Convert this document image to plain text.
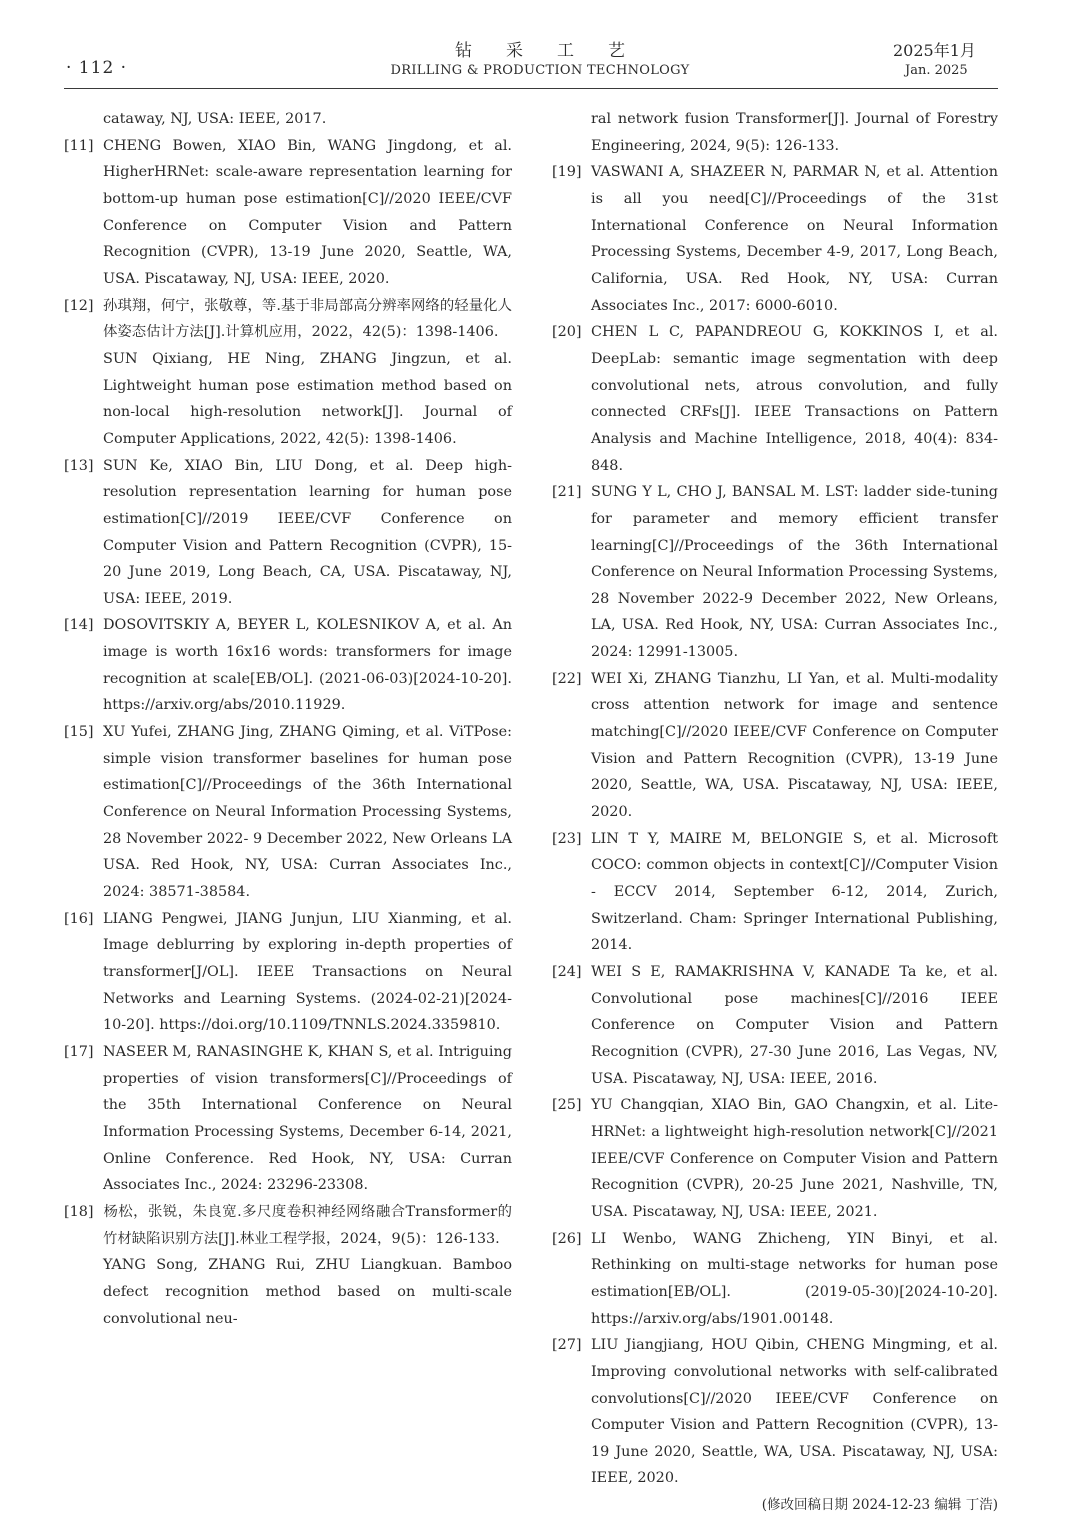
· 112 ·
钻采工艺
DRILLING & PRODUCTION TECHNOLOGY
2025年1月
Jan. 2025
cataway, NJ, USA: IEEE, 2017.
[11] CHENG Bowen, XIAO Bin, WANG Jingdong, et al. HigherHRNet: scale-aware representation learning for bottom-up human pose estimation[C]//2020 IEEE/CVF Conference on Computer Vision and Pattern Recognition (CVPR), 13-19 June 2020, Seattle, WA, USA. Piscataway, NJ, USA: IEEE, 2020.
[12] 孙琪翔，何宁，张敬尊，等.基于非局部高分辨率网络的轻量化人体姿态估计方法[J].计算机应用，2022，42(5)：1398-1406.
SUN Qixiang, HE Ning, ZHANG Jingzun, et al. Lightweight human pose estimation method based on non-local high-resolution network[J]. Journal of Computer Applications, 2022, 42(5): 1398-1406.
[13] SUN Ke, XIAO Bin, LIU Dong, et al. Deep high-resolution representation learning for human pose estimation[C]//2019 IEEE/CVF Conference on Computer Vision and Pattern Recognition (CVPR), 15-20 June 2019, Long Beach, CA, USA. Piscataway, NJ, USA: IEEE, 2019.
[14] DOSOVITSKIY A, BEYER L, KOLESNIKOV A, et al. An image is worth 16x16 words: transformers for image recognition at scale[EB/OL]. (2021-06-03)[2024-10-20]. https://arxiv.org/abs/2010.11929.
[15] XU Yufei, ZHANG Jing, ZHANG Qiming, et al. ViTPose: simple vision transformer baselines for human pose estimation[C]//Proceedings of the 36th International Conference on Neural Information Processing Systems, 28 November 2022- 9 December 2022, New Orleans LA USA. Red Hook, NY, USA: Curran Associates Inc., 2024: 38571-38584.
[16] LIANG Pengwei, JIANG Junjun, LIU Xianming, et al. Image deblurring by exploring in-depth properties of transformer[J/OL]. IEEE Transactions on Neural Networks and Learning Systems. (2024-02-21)[2024-10-20]. https://doi.org/10.1109/TNNLS.2024.3359810.
[17] NASEER M, RANASINGHE K, KHAN S, et al. Intriguing properties of vision transformers[C]//Proceedings of the 35th International Conference on Neural Information Processing Systems, December 6-14, 2021, Online Conference. Red Hook, NY, USA: Curran Associates Inc., 2024: 23296-23308.
[18] 杨松，张锐，朱良宽.多尺度卷积神经网络融合Transformer的竹材缺陷识别方法[J].林业工程学报，2024，9(5)：126-133.
YANG Song, ZHANG Rui, ZHU Liangkuan. Bamboo defect recognition method based on multi-scale convolutional neu-
ral network fusion Transformer[J]. Journal of Forestry Engineering, 2024, 9(5): 126-133.
[19] VASWANI A, SHAZEER N, PARMAR N, et al. Attention is all you need[C]//Proceedings of the 31st International Conference on Neural Information Processing Systems, December 4-9, 2017, Long Beach, California, USA. Red Hook, NY, USA: Curran Associates Inc., 2017: 6000-6010.
[20] CHEN L C, PAPANDREOU G, KOKKINOS I, et al. DeepLab: semantic image segmentation with deep convolutional nets, atrous convolution, and fully connected CRFs[J]. IEEE Transactions on Pattern Analysis and Machine Intelligence, 2018, 40(4): 834-848.
[21] SUNG Y L, CHO J, BANSAL M. LST: ladder side-tuning for parameter and memory efficient transfer learning[C]//Proceedings of the 36th International Conference on Neural Information Processing Systems, 28 November 2022-9 December 2022, New Orleans, LA, USA. Red Hook, NY, USA: Curran Associates Inc., 2024: 12991-13005.
[22] WEI Xi, ZHANG Tianzhu, LI Yan, et al. Multi-modality cross attention network for image and sentence matching[C]//2020 IEEE/CVF Conference on Computer Vision and Pattern Recognition (CVPR), 13-19 June 2020, Seattle, WA, USA. Piscataway, NJ, USA: IEEE, 2020.
[23] LIN T Y, MAIRE M, BELONGIE S, et al. Microsoft COCO: common objects in context[C]//Computer Vision - ECCV 2014, September 6-12, 2014, Zurich, Switzerland. Cham: Springer International Publishing, 2014.
[24] WEI S E, RAMAKRISHNA V, KANADE Ta ke, et al. Convolutional pose machines[C]//2016 IEEE Conference on Computer Vision and Pattern Recognition (CVPR), 27-30 June 2016, Las Vegas, NV, USA. Piscataway, NJ, USA: IEEE, 2016.
[25] YU Changqian, XIAO Bin, GAO Changxin, et al. Lite-HRNet: a lightweight high-resolution network[C]//2021 IEEE/CVF Conference on Computer Vision and Pattern Recognition (CVPR), 20-25 June 2021, Nashville, TN, USA. Piscataway, NJ, USA: IEEE, 2021.
[26] LI Wenbo, WANG Zhicheng, YIN Binyi, et al. Rethinking on multi-stage networks for human pose estimation[EB/OL]. (2019-05-30)[2024-10-20]. https://arxiv.org/abs/1901.00148.
[27] LIU Jiangjiang, HOU Qibin, CHENG Mingming, et al. Improving convolutional networks with self-calibrated convolutions[C]//2020 IEEE/CVF Conference on Computer Vision and Pattern Recognition (CVPR), 13-19 June 2020, Seattle, WA, USA. Piscataway, NJ, USA: IEEE, 2020.
(修改回稿日期 2024-12-23 编辑 丁浩)
